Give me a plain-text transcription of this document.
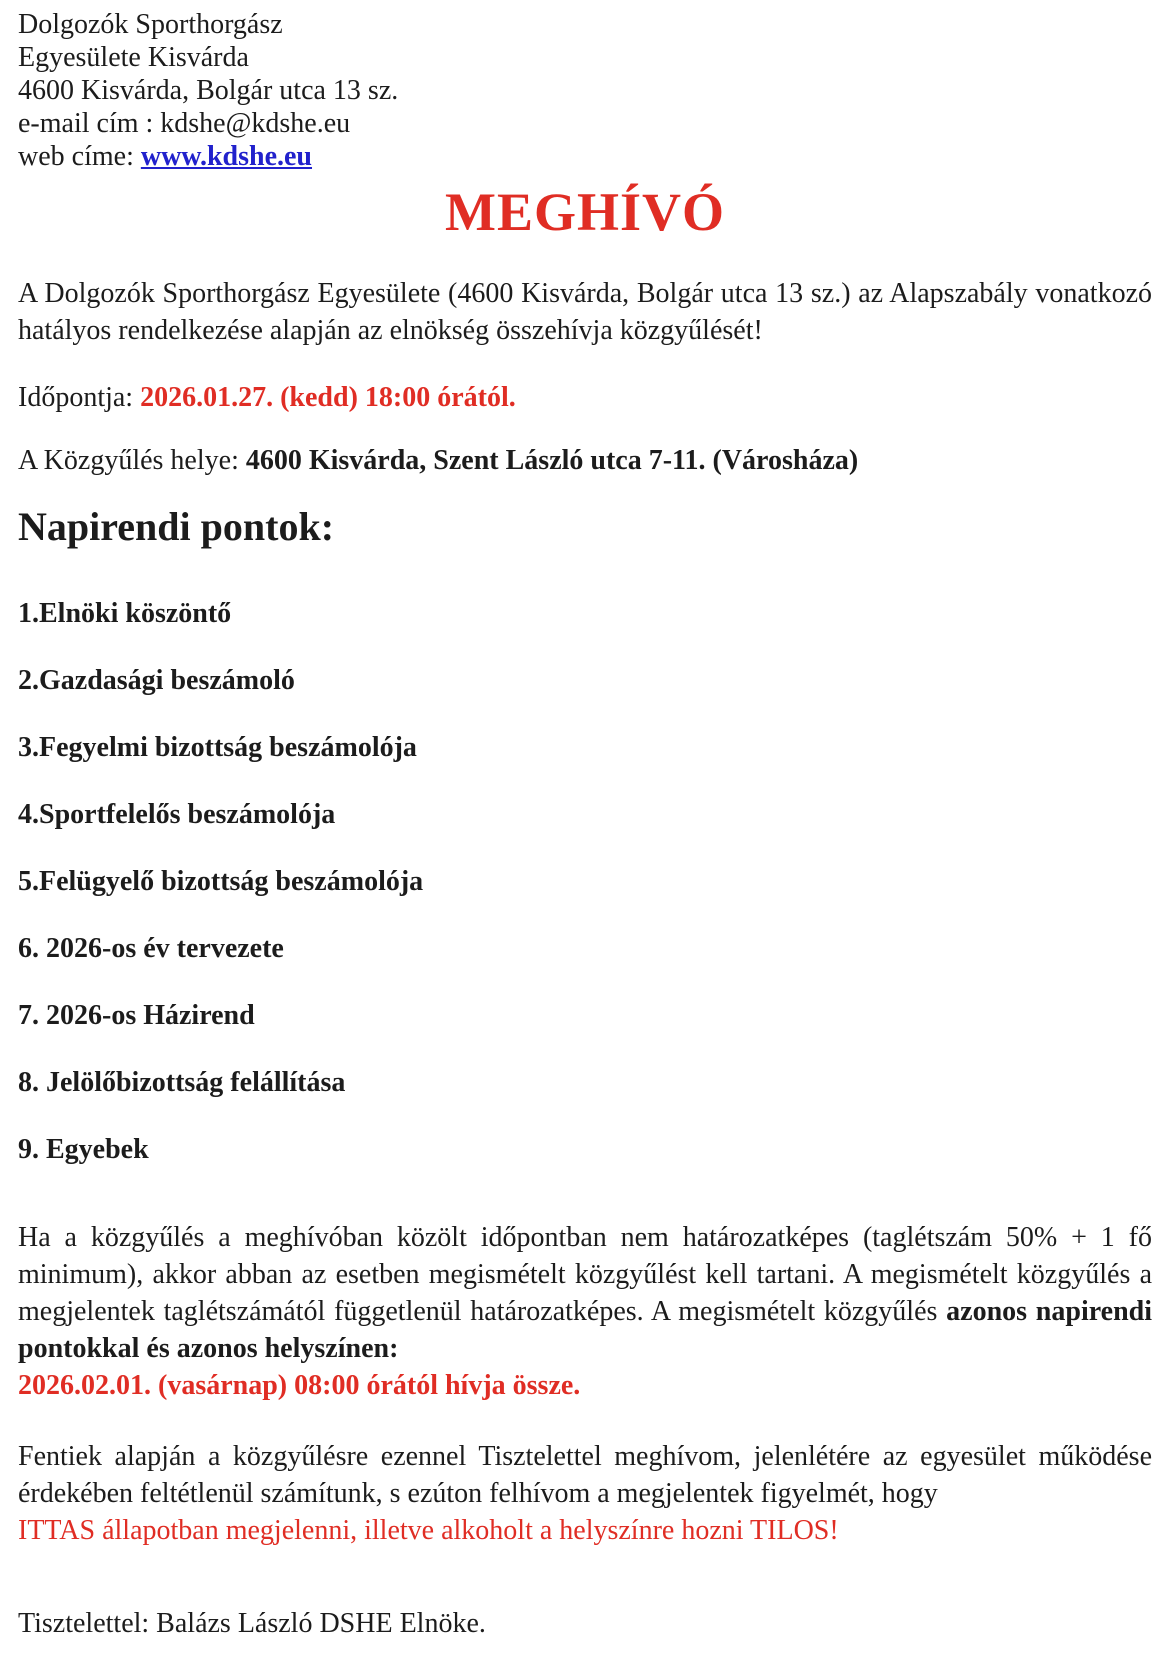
Dolgozók Sporthorgász

Egyesülete Kisvárda

4600 Kisvárda, Bolgár utca 13 sz.

e-mail cím : kdshe@kdshe.eu

web címe: www.kdshe.eu

MEGHÍVÓ

A Dolgozók Sporthorgász Egyesülete (4600 Kisvárda, Bolgár utca 13 sz.) az Alapszabály vonatkozó hatályos rendelkezése alapján az elnökség összehívja közgyűlését!

Időpontja: 2026.01.27. (kedd) 18:00 órától.

A Közgyűlés helye: 4600 Kisvárda, Szent László utca 7-11. (Városháza)

Napirendi pontok:
1.Elnöki köszöntő
2.Gazdasági beszámoló
3.Fegyelmi bizottság beszámolója
4.Sportfelelős beszámolója
5.Felügyelő bizottság beszámolója
6. 2026-os év tervezete
7. 2026-os Házirend
8. Jelölőbizottság felállítása
9. Egyebek

Ha a közgyűlés a meghívóban közölt időpontban nem határozatképes (taglétszám 50% + 1 fő minimum), akkor abban az esetben megismételt közgyűlést kell tartani. A megismételt közgyűlés a megjelentek taglétszámától függetlenül határozatképes. A megismételt közgyűlés azonos napirendi pontokkal és azonos helyszínen:
2026.02.01. (vasárnap) 08:00 órától hívja össze.

Fentiek alapján a közgyűlésre ezennel Tisztelettel meghívom, jelenlétére az egyesület működése érdekében feltétlenül számítunk, s ezúton felhívom a megjelentek figyelmét, hogy
ITTAS állapotban megjelenni, illetve alkoholt a helyszínre hozni TILOS!

Tisztelettel: Balázs László DSHE Elnöke.
